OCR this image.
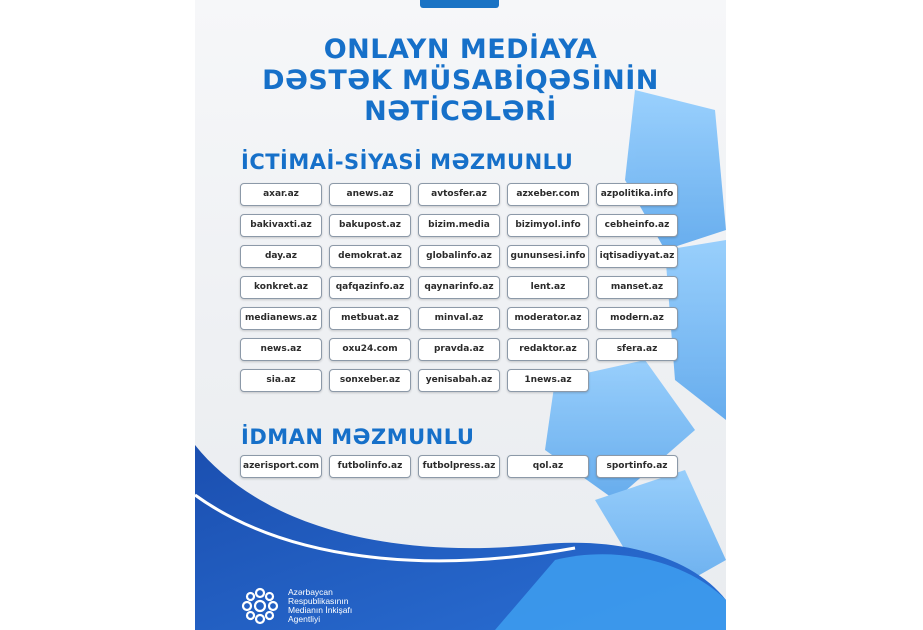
ONLAYN MEDİAYA
DƏSTƏK MÜSABİQƏSİNİN
NƏTİCƏLƏRİ
İCTİMAİ-SİYASİ MƏZMUNLU
axar.az	anews.az	avtosfer.az	azxeber.com	azpolitika.info
bakivaxti.az	bakupost.az	bizim.media	bizimyol.info	cebheinfo.az
day.az	demokrat.az	globalinfo.az	gununsesi.info	iqtisadiyyat.az
konkret.az	qafqazinfo.az	qaynarinfo.az	lent.az	manset.az
medianews.az	metbuat.az	minval.az	moderator.az	modern.az
news.az	oxu24.com	pravda.az	redaktor.az	sfera.az
sia.az	sonxeber.az	yenisabah.az	1news.az
İDMAN MƏZMUNLU
azerisport.com	futbolinfo.az	futbolpress.az	qol.az	sportinfo.az
Azərbaycan
Respublikasının
Medianın İnkişafı
Agentliyi
